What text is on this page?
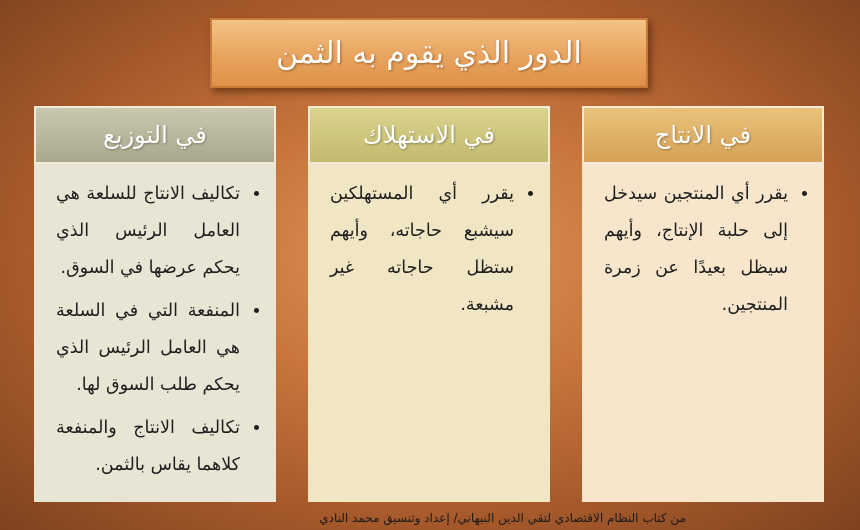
الدور الذي يقوم به الثمن
في الانتاج
• يقرر أي المنتجين سيدخل إلى حلبة الإنتاج، وأيهم سيظل بعيدًا عن زمرة المنتجين.
في الاستهلاك
• يقرر أي المستهلكين سيشبع حاجاته، وأيهم ستظل حاجاته غير مشبعة.
في التوزيع
• تكاليف الانتاج للسلعة هي العامل الرئيس الذي يحكم عرضها في السوق.
• المنفعة التي في السلعة هي العامل الرئيس الذي يحكم طلب السوق لها.
• تكاليف الانتاج والمنفعة كلاهما يقاس بالثمن.
من كتاب النظام الاقتصادي لتقي الدين النبهاني/ إعداد وتنسيق محمد النادي
